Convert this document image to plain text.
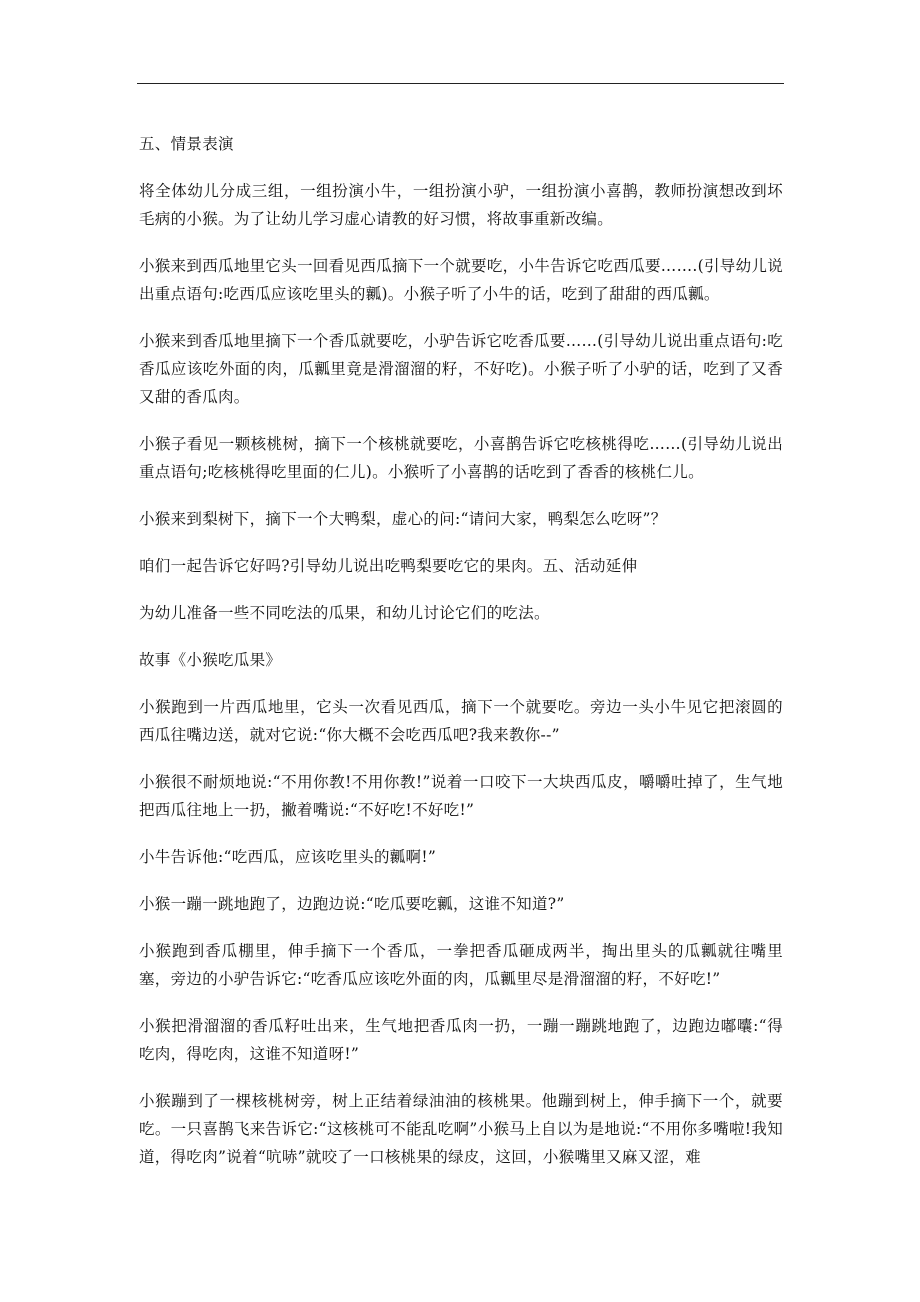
五、情景表演

将全体幼儿分成三组，一组扮演小牛，一组扮演小驴，一组扮演小喜鹊，教师扮演想改到坏毛病的小猴。为了让幼儿学习虚心请教的好习惯，将故事重新改编。

小猴来到西瓜地里它头一回看见西瓜摘下一个就要吃，小牛告诉它吃西瓜要…….(引导幼儿说出重点语句:吃西瓜应该吃里头的瓤)。小猴子听了小牛的话，吃到了甜甜的西瓜瓤。

小猴来到香瓜地里摘下一个香瓜就要吃，小驴告诉它吃香瓜要……(引导幼儿说出重点语句:吃香瓜应该吃外面的肉，瓜瓤里竟是滑溜溜的籽，不好吃)。小猴子听了小驴的话，吃到了又香又甜的香瓜肉。

小猴子看见一颗核桃树，摘下一个核桃就要吃，小喜鹊告诉它吃核桃得吃……(引导幼儿说出重点语句;吃核桃得吃里面的仁儿)。小猴听了小喜鹊的话吃到了香香的核桃仁儿。

小猴来到梨树下，摘下一个大鸭梨，虚心的问:“请问大家，鸭梨怎么吃呀”？

咱们一起告诉它好吗?引导幼儿说出吃鸭梨要吃它的果肉。五、活动延伸

为幼儿准备一些不同吃法的瓜果，和幼儿讨论它们的吃法。

故事《小猴吃瓜果》

小猴跑到一片西瓜地里，它头一次看见西瓜，摘下一个就要吃。旁边一头小牛见它把滚圆的西瓜往嘴边送，就对它说:“你大概不会吃西瓜吧?我来教你--”

小猴很不耐烦地说:“不用你教!不用你教!”说着一口咬下一大块西瓜皮，嚼嚼吐掉了，生气地把西瓜往地上一扔，撇着嘴说:“不好吃!不好吃!”

小牛告诉他:“吃西瓜，应该吃里头的瓤啊!”

小猴一蹦一跳地跑了，边跑边说:“吃瓜要吃瓤，这谁不知道?”

小猴跑到香瓜棚里，伸手摘下一个香瓜，一拳把香瓜砸成两半，掏出里头的瓜瓤就往嘴里塞，旁边的小驴告诉它:“吃香瓜应该吃外面的肉，瓜瓤里尽是滑溜溜的籽，不好吃!”

小猴把滑溜溜的香瓜籽吐出来，生气地把香瓜肉一扔，一蹦一蹦跳地跑了，边跑边嘟囔:“得吃肉，得吃肉，这谁不知道呀!”

小猴蹦到了一棵核桃树旁，树上正结着绿油油的核桃果。他蹦到树上，伸手摘下一个，就要吃。一只喜鹊飞来告诉它:“这核桃可不能乱吃啊”小猴马上自以为是地说:“不用你多嘴啦!我知道，得吃肉”说着“吭哧”就咬了一口核桃果的绿皮，这回，小猴嘴里又麻又涩，难
